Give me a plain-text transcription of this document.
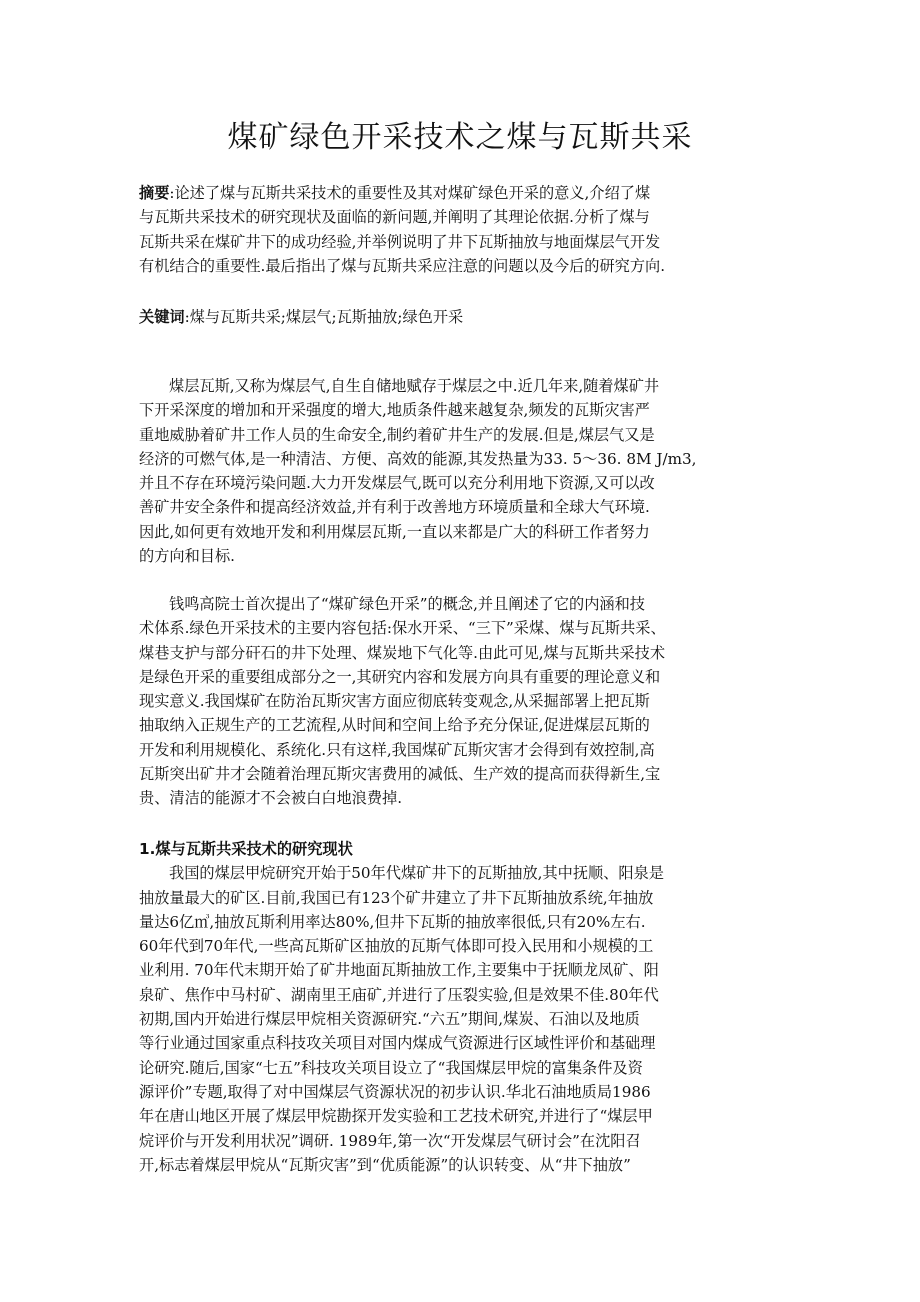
煤矿绿色开采技术之煤与瓦斯共采
摘要:论述了煤与瓦斯共采技术的重要性及其对煤矿绿色开采的意义,介绍了煤
与瓦斯共采技术的研究现状及面临的新问题,并阐明了其理论依据.分析了煤与
瓦斯共采在煤矿井下的成功经验,并举例说明了井下瓦斯抽放与地面煤层气开发
有机结合的重要性.最后指出了煤与瓦斯共采应注意的问题以及今后的研究方向.
关键词:煤与瓦斯共采;煤层气;瓦斯抽放;绿色开采
煤层瓦斯,又称为煤层气,自生自储地赋存于煤层之中.近几年来,随着煤矿井
下开采深度的增加和开采强度的增大,地质条件越来越复杂,频发的瓦斯灾害严
重地威胁着矿井工作人员的生命安全,制约着矿井生产的发展.但是,煤层气又是
经济的可燃气体,是一种清洁、方便、高效的能源,其发热量为33. 5～36. 8M J/m3,
并且不存在环境污染问题.大力开发煤层气,既可以充分利用地下资源,又可以改
善矿井安全条件和提高经济效益,并有利于改善地方环境质量和全球大气环境.
因此,如何更有效地开发和利用煤层瓦斯,一直以来都是广大的科研工作者努力
的方向和目标.
钱鸣高院士首次提出了“煤矿绿色开采”的概念,并且阐述了它的内涵和技
术体系.绿色开采技术的主要内容包括:保水开采、“三下”采煤、煤与瓦斯共采、
煤巷支护与部分矸石的井下处理、煤炭地下气化等.由此可见,煤与瓦斯共采技术
是绿色开采的重要组成部分之一,其研究内容和发展方向具有重要的理论意义和
现实意义.我国煤矿在防治瓦斯灾害方面应彻底转变观念,从采掘部署上把瓦斯
抽取纳入正规生产的工艺流程,从时间和空间上给予充分保证,促进煤层瓦斯的
开发和利用规模化、系统化.只有这样,我国煤矿瓦斯灾害才会得到有效控制,高
瓦斯突出矿井才会随着治理瓦斯灾害费用的减低、生产效的提高而获得新生,宝
贵、清洁的能源才不会被白白地浪费掉.
1.煤与瓦斯共采技术的研究现状
我国的煤层甲烷研究开始于50年代煤矿井下的瓦斯抽放,其中抚顺、阳泉是
抽放量最大的矿区.目前,我国已有123个矿井建立了井下瓦斯抽放系统,年抽放
量达6亿㎥,抽放瓦斯利用率达80%,但井下瓦斯的抽放率很低,只有20%左右.
60年代到70年代,一些高瓦斯矿区抽放的瓦斯气体即可投入民用和小规模的工
业利用. 70年代末期开始了矿井地面瓦斯抽放工作,主要集中于抚顺龙凤矿、阳
泉矿、焦作中马村矿、湖南里王庙矿,并进行了压裂实验,但是效果不佳.80年代
初期,国内开始进行煤层甲烷相关资源研究.“六五”期间,煤炭、石油以及地质
等行业通过国家重点科技攻关项目对国内煤成气资源进行区域性评价和基础理
论研究.随后,国家“七五”科技攻关项目设立了“我国煤层甲烷的富集条件及资
源评价”专题,取得了对中国煤层气资源状况的初步认识.华北石油地质局1986
年在唐山地区开展了煤层甲烷勘探开发实验和工艺技术研究,并进行了“煤层甲
烷评价与开发利用状况”调研. 1989年,第一次“开发煤层气研讨会”在沈阳召
开,标志着煤层甲烷从“瓦斯灾害”到“优质能源”的认识转变、从“井下抽放”
